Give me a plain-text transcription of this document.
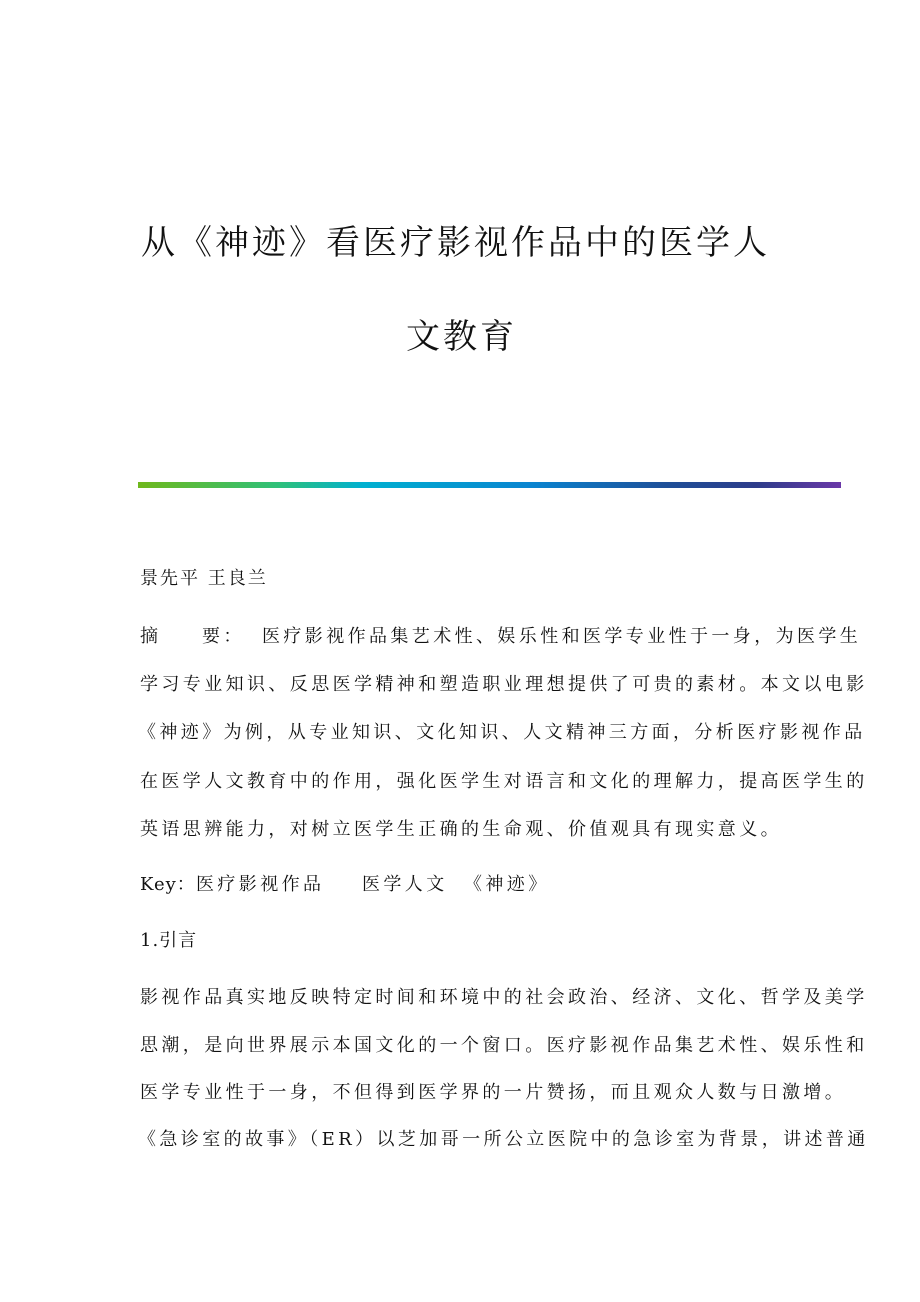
从《神迹》看医疗影视作品中的医学人
文教育
景先平 王良兰
摘 要： 医疗影视作品集艺术性、娱乐性和医学专业性于一身，为医学生
学习专业知识、反思医学精神和塑造职业理想提供了可贵的素材。本文以电影
《神迹》为例，从专业知识、文化知识、人文精神三方面，分析医疗影视作品
在医学人文教育中的作用，强化医学生对语言和文化的理解力，提高医学生的
英语思辨能力，对树立医学生正确的生命观、价值观具有现实意义。
Key： 医疗影视作品 医学人文 《神迹》
1.引言
影视作品真实地反映特定时间和环境中的社会政治、经济、文化、哲学及美学
思潮，是向世界展示本国文化的一个窗口。医疗影视作品集艺术性、娱乐性和
医学专业性于一身，不但得到医学界的一片赞扬，而且观众人数与日激增。
《急诊室的故事》（ER）以芝加哥一所公立医院中的急诊室为背景，讲述普通
